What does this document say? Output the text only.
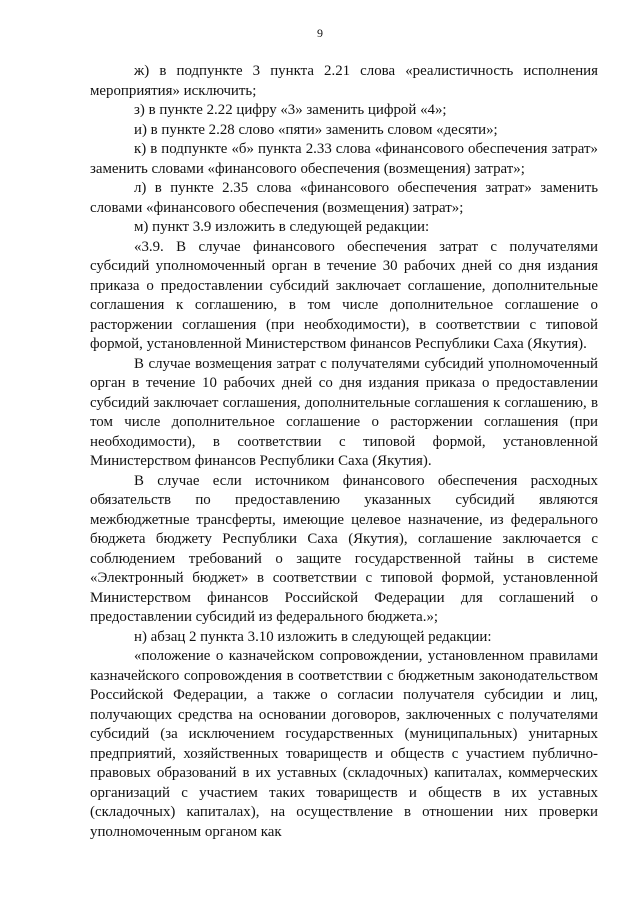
9

ж) в подпункте 3 пункта 2.21 слова «реалистичность исполнения мероприятия» исключить;

з) в пункте 2.22 цифру «3» заменить цифрой «4»;

и) в пункте 2.28 слово «пяти» заменить словом «десяти»;

к) в подпункте «б» пункта 2.33 слова «финансового обеспечения затрат» заменить словами «финансового обеспечения (возмещения) затрат»;

л) в пункте 2.35 слова «финансового обеспечения затрат» заменить словами «финансового обеспечения (возмещения) затрат»;

м) пункт 3.9 изложить в следующей редакции:

«3.9. В случае финансового обеспечения затрат с получателями субсидий уполномоченный орган в течение 30 рабочих дней со дня издания приказа о предоставлении субсидий заключает соглашение, дополнительные соглашения к соглашению, в том числе дополнительное соглашение о расторжении соглашения (при необходимости), в соответствии с типовой формой, установленной Министерством финансов Республики Саха (Якутия).

В случае возмещения затрат с получателями субсидий уполномоченный орган в течение 10 рабочих дней со дня издания приказа о предоставлении субсидий заключает соглашения, дополнительные соглашения к соглашению, в том числе дополнительное соглашение о расторжении соглашения (при необходимости), в соответствии с типовой формой, установленной Министерством финансов Республики Саха (Якутия).

В случае если источником финансового обеспечения расходных обязательств по предоставлению указанных субсидий являются межбюджетные трансферты, имеющие целевое назначение, из федерального бюджета бюджету Республики Саха (Якутия), соглашение заключается с соблюдением требований о защите государственной тайны в системе «Электронный бюджет» в соответствии с типовой формой, установленной Министерством финансов Российской Федерации для соглашений о предоставлении субсидий из федерального бюджета.»;

н) абзац 2 пункта 3.10 изложить в следующей редакции:

«положение о казначейском сопровождении, установленном правилами казначейского сопровождения в соответствии с бюджетным законодательством Российской Федерации, а также о согласии получателя субсидии и лиц, получающих средства на основании договоров, заключенных с получателями субсидий (за исключением государственных (муниципальных) унитарных предприятий, хозяйственных товариществ и обществ с участием публично-правовых образований в их уставных (складочных) капиталах, коммерческих организаций с участием таких товариществ и обществ в их уставных (складочных) капиталах), на осуществление в отношении них проверки уполномоченным органом как
